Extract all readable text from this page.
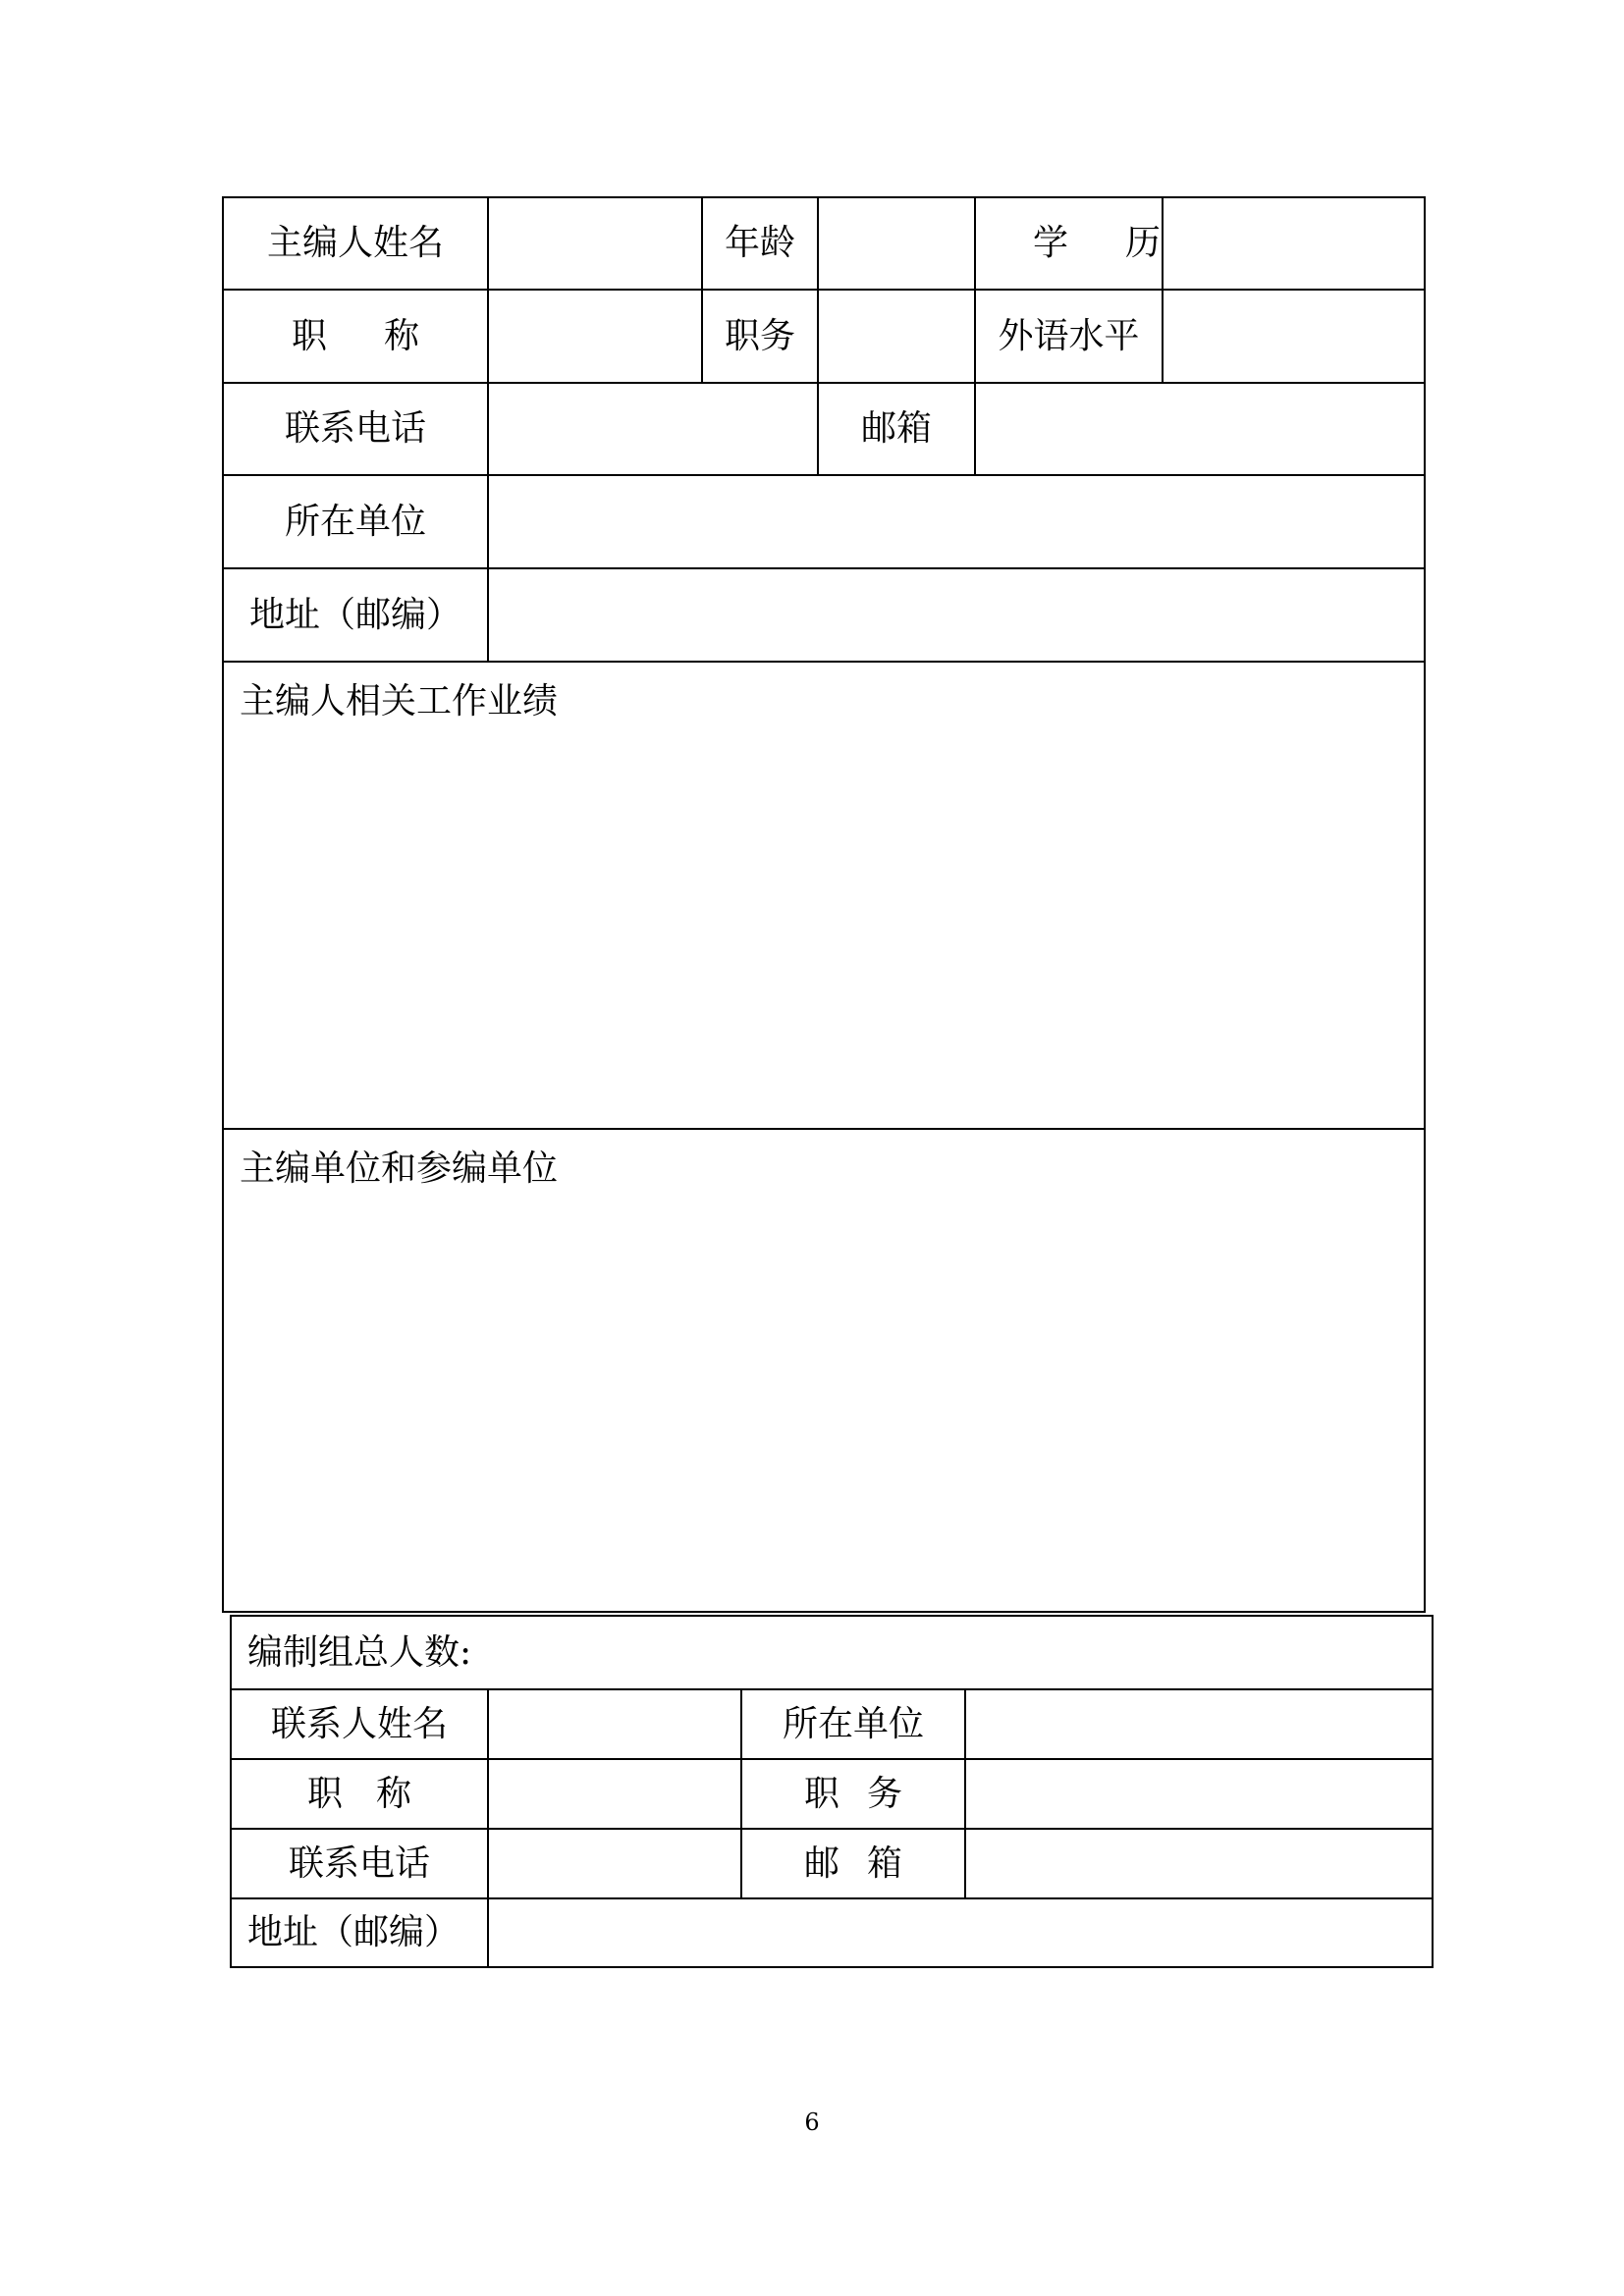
主编人姓名		年龄		学历	
职称		职务		外语水平	
联系电话			邮箱		
所在单位					
地址（邮编）					
主编人相关工作业绩					
主编单位和参编单位					
编制组总人数:			
联系人姓名		所在单位	
职称		职务	
联系电话		邮箱	
地址（邮编）			
6
